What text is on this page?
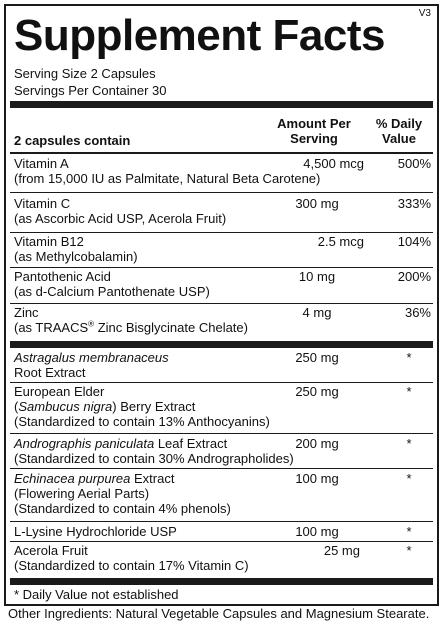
V3
Supplement Facts
Serving Size 2 Capsules
Servings Per Container 30
2 capsules contain
Amount Per
Serving
% Daily
Value
Vitamin A
(from 15,000 IU as Palmitate, Natural Beta Carotene)
4,500 mcg	500%
Vitamin C
(as Ascorbic Acid USP, Acerola Fruit)
300 mg	333%
Vitamin B12
(as Methylcobalamin)
2.5 mcg	104%
Pantothenic Acid
(as d-Calcium Pantothenate USP)
10 mg	200%
Zinc
(as TRAACS® Zinc Bisglycinate Chelate)
4 mg	36%
Astragalus membranaceus
Root Extract
250 mg	*
European Elder
(Sambucus nigra) Berry Extract
(Standardized to contain 13% Anthocyanins)
250 mg	*
Andrographis paniculata Leaf Extract
(Standardized to contain 30% Andrographolides)
200 mg	*
Echinacea purpurea Extract
(Flowering Aerial Parts)
(Standardized to contain 4% phenols)
100 mg	*
L-Lysine Hydrochloride USP	100 mg	*
Acerola Fruit
(Standardized to contain 17% Vitamin C)
25 mg	*
* Daily Value not established
Other Ingredients: Natural Vegetable Capsules and Magnesium Stearate.
